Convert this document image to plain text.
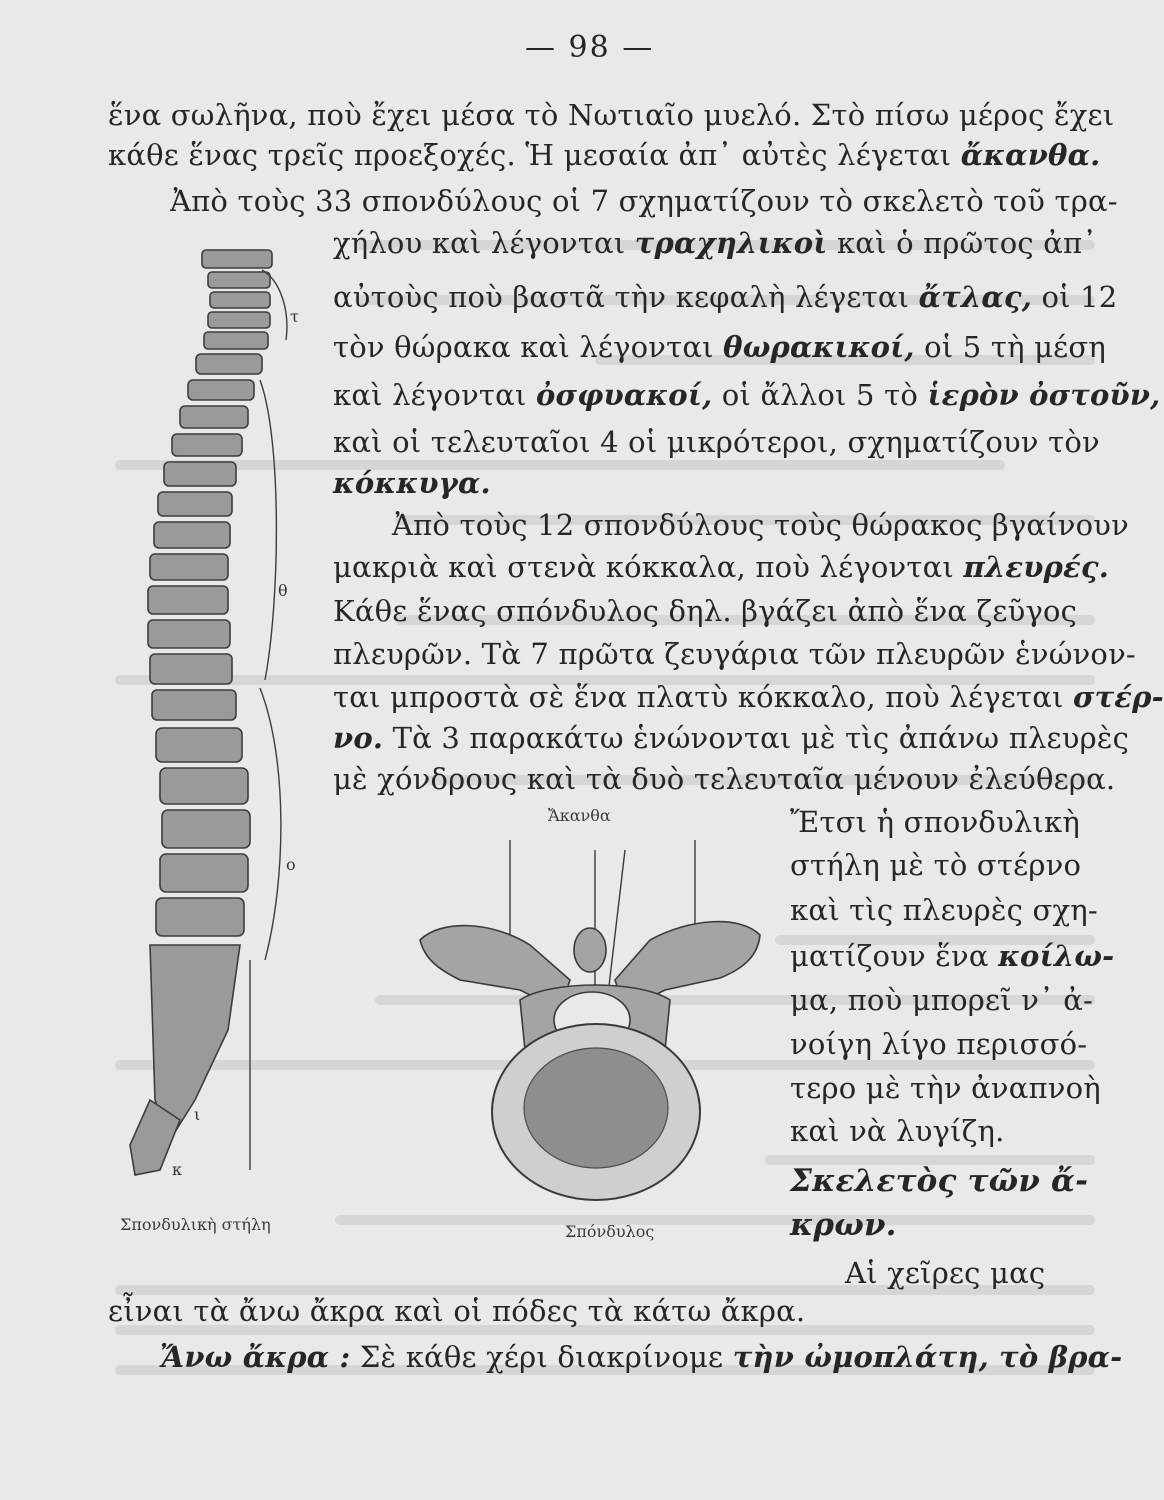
— 98 —
ἕνα σωλῆνα, ποὺ ἔχει μέσα τὸ Νωτιαῖο μυελό. Στὸ πίσω μέρος ἔχει
κάθε ἕνας τρεῖς προεξοχές. Ἡ μεσαία ἀπ᾽ αὐτὲς λέγεται ἄκανθα.
Ἀπὸ τοὺς 33 σπονδύλους οἱ 7 σχηματίζουν τὸ σκελετὸ τοῦ τρα-
χήλου καὶ λέγονται τραχηλικοὶ καὶ ὁ πρῶτος ἀπ᾽
αὐτοὺς ποὺ βαστᾶ τὴν κεφαλὴ λέγεται ἄτλας, οἱ 12
τὸν θώρακα καὶ λέγονται θωρακικοί, οἱ 5 τὴ μέση
καὶ λέγονται ὀσφυακοί, οἱ ἄλλοι 5 τὸ ἱερὸν ὀστοῦν,
καὶ οἱ τελευταῖοι 4 οἱ μικρότεροι, σχηματίζουν τὸν
κόκκυγα.
Ἀπὸ τοὺς 12 σπονδύλους τοὺς θώρακος βγαίνουν
μακριὰ καὶ στενὰ κόκκαλα, ποὺ λέγονται πλευρές.
Κάθε ἕνας σπόνδυλος δηλ. βγάζει ἀπὸ ἕνα ζεῦγος
πλευρῶν. Τὰ 7 πρῶτα ζευγάρια τῶν πλευρῶν ἑνώνον-
ται μπροστὰ σὲ ἕνα πλατὺ κόκκαλο, ποὺ λέγεται στέρ-
νο. Τὰ 3 παρακάτω ἑνώνονται μὲ τὶς ἀπάνω πλευρὲς
μὲ χόνδρους καὶ τὰ δυὸ τελευταῖα μένουν ἐλεύθερα.
Ἔτσι ἡ σπονδυλικὴ
στήλη μὲ τὸ στέρνο
καὶ τὶς πλευρὲς σχη-
ματίζουν ἕνα κοίλω-
μα, ποὺ μπορεῖ ν᾽ ἀ-
νοίγη λίγο περισσό-
τερο μὲ τὴν ἀναπνοὴ
καὶ νὰ λυγίζη.
Σκελετὸς τῶν ἄ-
κρων.
Αἱ χεῖρες μας
εἶναι τὰ ἄνω ἄκρα καὶ οἱ πόδες τὰ κάτω ἄκρα.
Ἄνω ἄκρα : Σὲ κάθε χέρι διακρίνομε τὴν ὠμοπλάτη, τὸ βρα-
τ
θ
ο
ι
κ
Σπονδυλικὴ στήλη
Ἄκανθα
Σπόνδυλος
